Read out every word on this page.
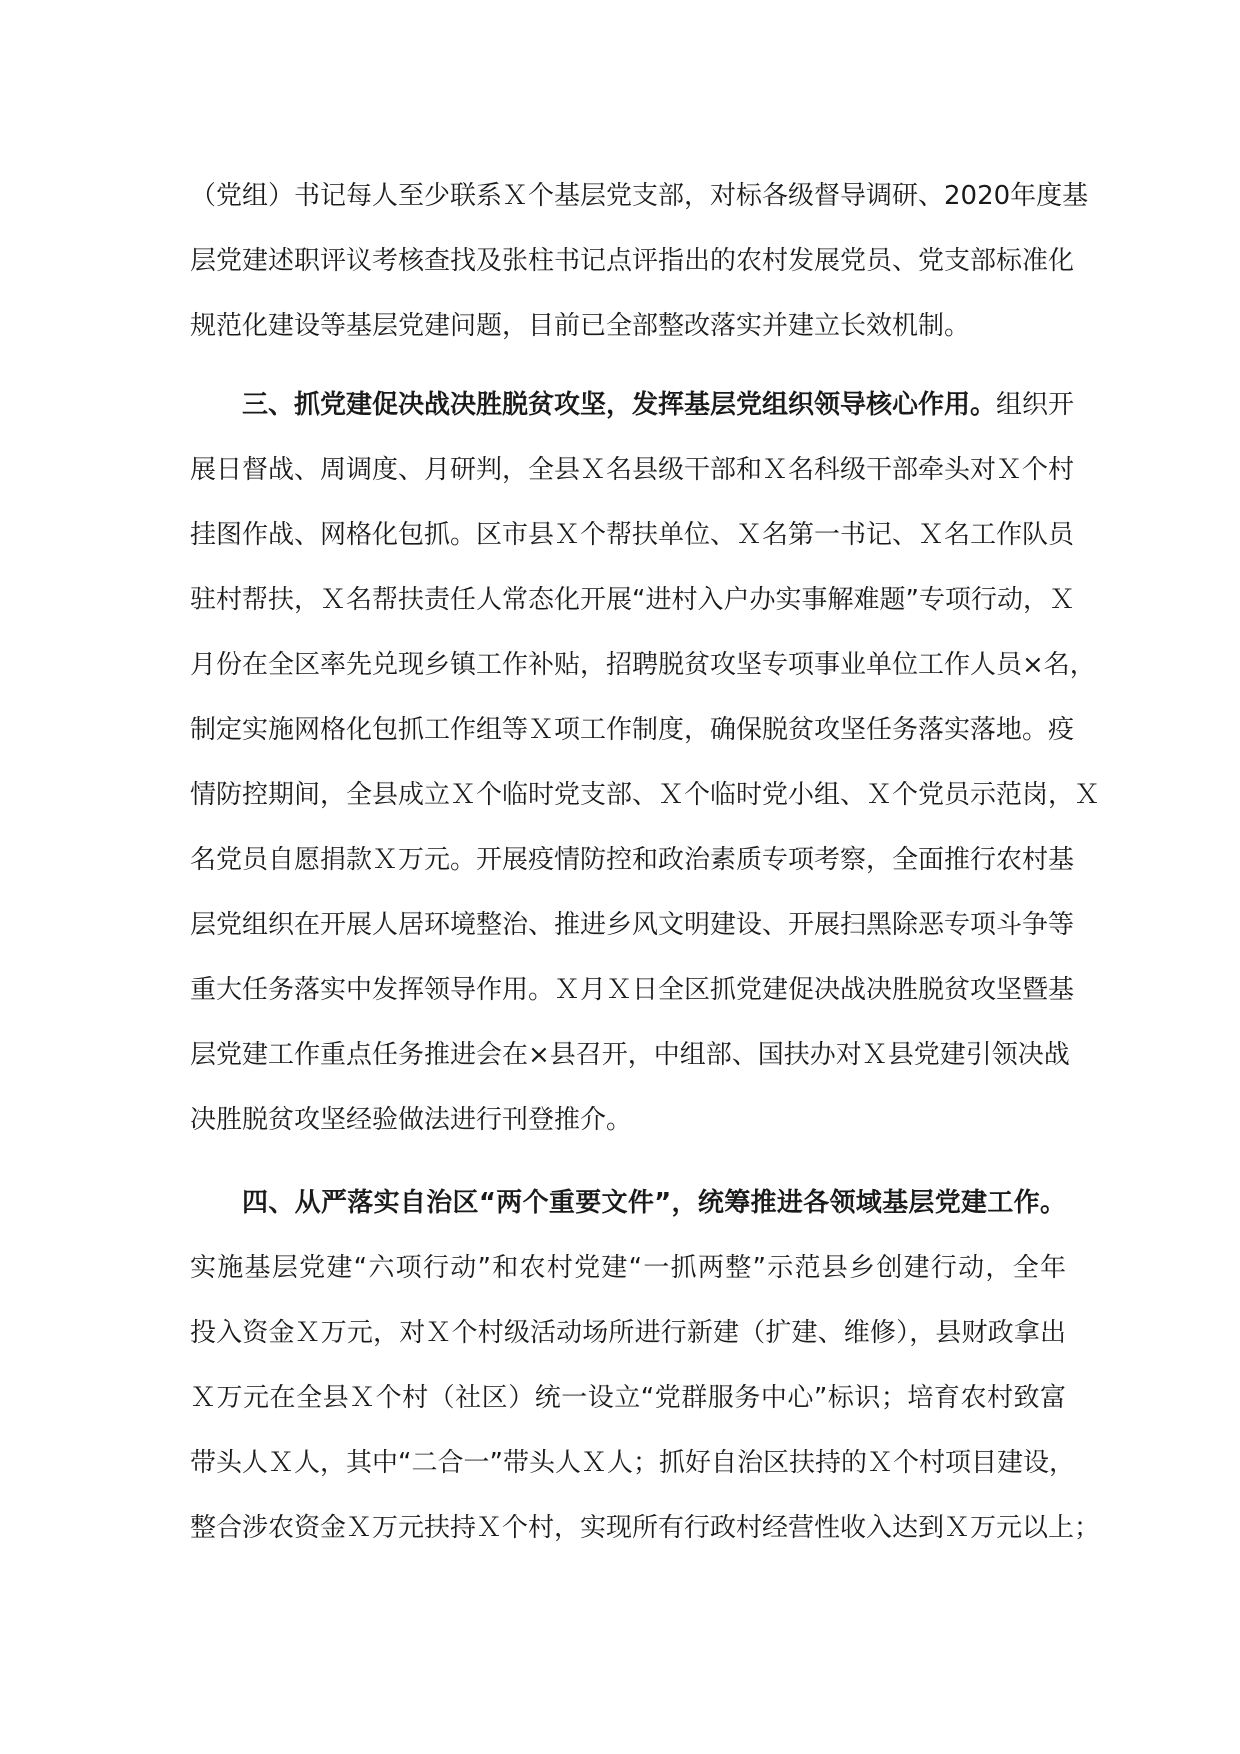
（党组）书记每人至少联系Ｘ个基层党支部，对标各级督导调研、2020年度基
层党建述职评议考核查找及张柱书记点评指出的农村发展党员、党支部标准化
规范化建设等基层党建问题，目前已全部整改落实并建立长效机制。
三、抓党建促决战决胜脱贫攻坚，发挥基层党组织领导核心作用。组织开
展日督战、周调度、月研判，全县Ｘ名县级干部和Ｘ名科级干部牵头对Ｘ个村
挂图作战、网格化包抓。区市县Ｘ个帮扶单位、Ｘ名第一书记、Ｘ名工作队员
驻村帮扶，Ｘ名帮扶责任人常态化开展“进村入户办实事解难题”专项行动，Ｘ
月份在全区率先兑现乡镇工作补贴，招聘脱贫攻坚专项事业单位工作人员×名，
制定实施网格化包抓工作组等Ｘ项工作制度，确保脱贫攻坚任务落实落地。疫
情防控期间，全县成立Ｘ个临时党支部、Ｘ个临时党小组、Ｘ个党员示范岗，Ｘ
名党员自愿捐款Ｘ万元。开展疫情防控和政治素质专项考察，全面推行农村基
层党组织在开展人居环境整治、推进乡风文明建设、开展扫黑除恶专项斗争等
重大任务落实中发挥领导作用。Ｘ月Ｘ日全区抓党建促决战决胜脱贫攻坚暨基
层党建工作重点任务推进会在×县召开，中组部、国扶办对Ｘ县党建引领决战
决胜脱贫攻坚经验做法进行刊登推介。
四、从严落实自治区“两个重要文件”，统筹推进各领域基层党建工作。
实施基层党建“六项行动”和农村党建“一抓两整”示范县乡创建行动，全年
投入资金Ｘ万元，对Ｘ个村级活动场所进行新建（扩建、维修），县财政拿出
Ｘ万元在全县Ｘ个村（社区）统一设立“党群服务中心”标识；培育农村致富
带头人Ｘ人，其中“二合一”带头人Ｘ人；抓好自治区扶持的Ｘ个村项目建设，
整合涉农资金Ｘ万元扶持Ｘ个村，实现所有行政村经营性收入达到Ｘ万元以上；
